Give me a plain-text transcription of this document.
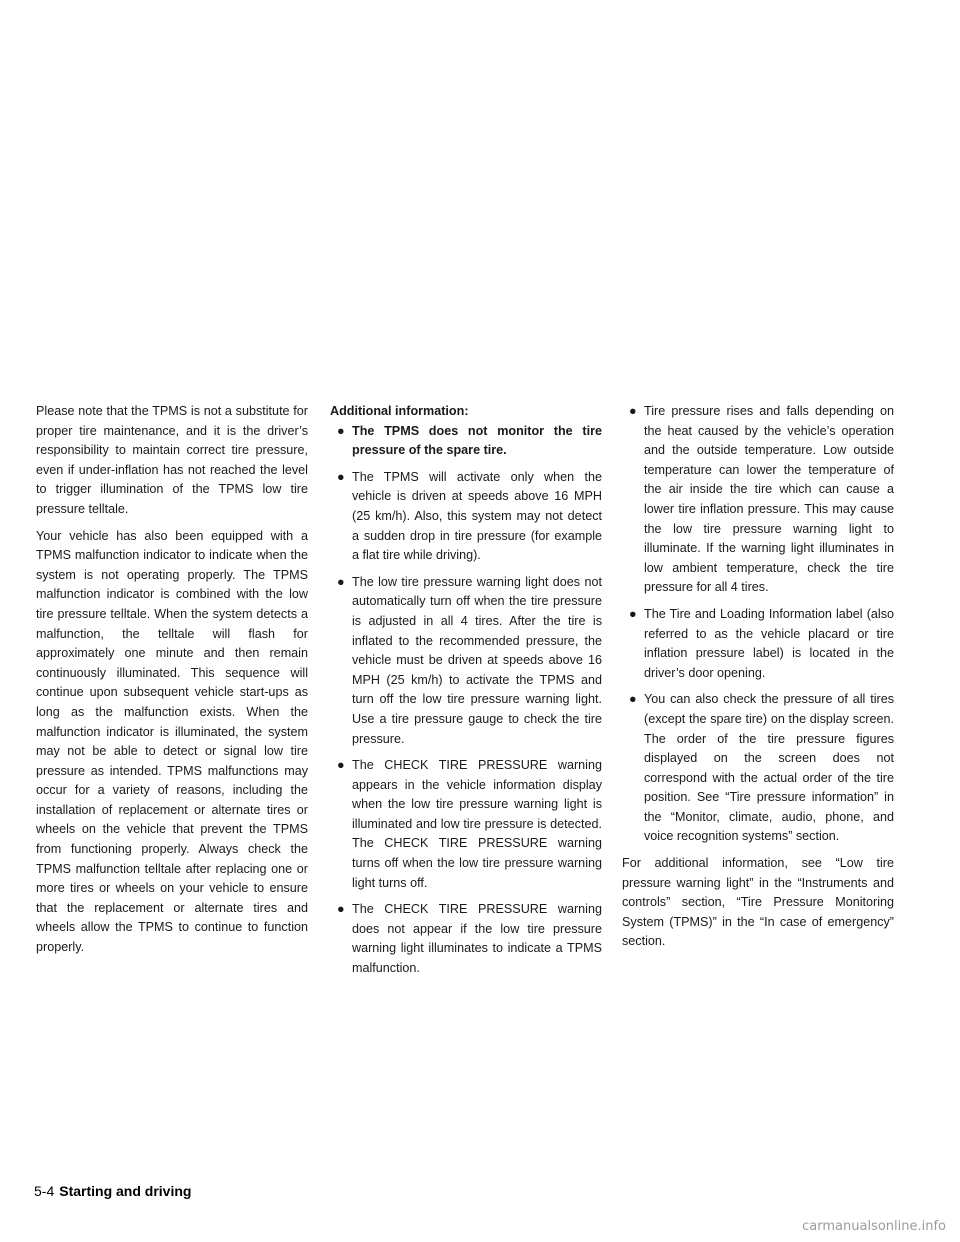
Please note that the TPMS is not a substitute for proper tire maintenance, and it is the driver’s responsibility to maintain correct tire pressure, even if under-inflation has not reached the level to trigger illumination of the TPMS low tire pressure telltale.

Your vehicle has also been equipped with a TPMS malfunction indicator to indicate when the system is not operating properly. The TPMS malfunction indicator is combined with the low tire pressure telltale. When the system detects a malfunction, the telltale will flash for approximately one minute and then remain continuously illuminated. This sequence will continue upon subsequent vehicle start-ups as long as the malfunction exists. When the malfunction indicator is illuminated, the system may not be able to detect or signal low tire pressure as intended. TPMS malfunctions may occur for a variety of reasons, including the installation of replacement or alternate tires or wheels on the vehicle that prevent the TPMS from functioning properly. Always check the TPMS malfunction telltale after replacing one or more tires or wheels on your vehicle to ensure that the replacement or alternate tires and wheels allow the TPMS to continue to function properly.

Additional information:

● The TPMS does not monitor the tire pressure of the spare tire.
● The TPMS will activate only when the vehicle is driven at speeds above 16 MPH (25 km/h). Also, this system may not detect a sudden drop in tire pressure (for example a flat tire while driving).
● The low tire pressure warning light does not automatically turn off when the tire pressure is adjusted in all 4 tires. After the tire is inflated to the recommended pressure, the vehicle must be driven at speeds above 16 MPH (25 km/h) to activate the TPMS and turn off the low tire pressure warning light. Use a tire pressure gauge to check the tire pressure.
● The CHECK TIRE PRESSURE warning appears in the vehicle information display when the low tire pressure warning light is illuminated and low tire pressure is detected. The CHECK TIRE PRESSURE warning turns off when the low tire pressure warning light turns off.
● The CHECK TIRE PRESSURE warning does not appear if the low tire pressure warning light illuminates to indicate a TPMS malfunction.
● Tire pressure rises and falls depending on the heat caused by the vehicle’s operation and the outside temperature. Low outside temperature can lower the temperature of the air inside the tire which can cause a lower tire inflation pressure. This may cause the low tire pressure warning light to illuminate. If the warning light illuminates in low ambient temperature, check the tire pressure for all 4 tires.
● The Tire and Loading Information label (also referred to as the vehicle placard or tire inflation pressure label) is located in the driver’s door opening.
● You can also check the pressure of all tires (except the spare tire) on the display screen. The order of the tire pressure figures displayed on the screen does not correspond with the actual order of the tire position. See “Tire pressure information” in the “Monitor, climate, audio, phone, and voice recognition systems” section.

For additional information, see “Low tire pressure warning light” in the “Instruments and controls” section, “Tire Pressure Monitoring System (TPMS)” in the “In case of emergency” section.

5-4 Starting and driving
carmanualsonline.info
